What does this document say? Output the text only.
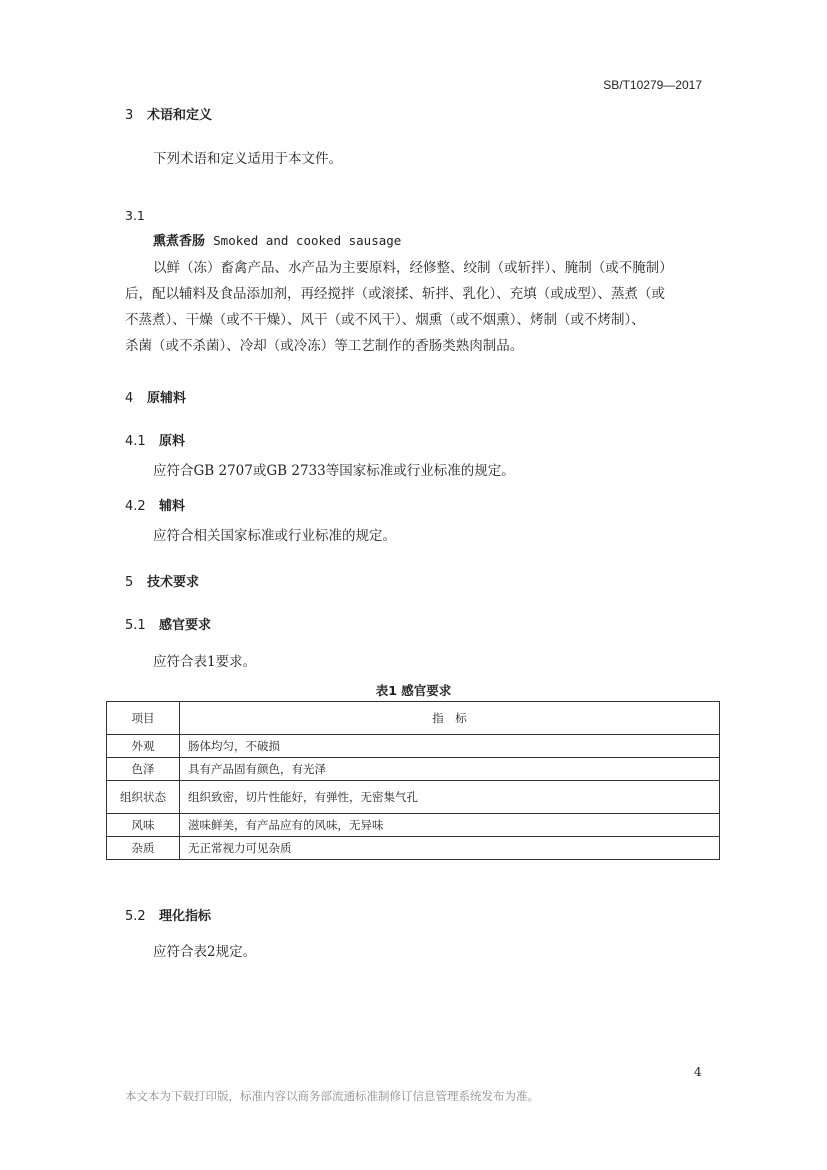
SB/T10279—2017
3 术语和定义
下列术语和定义适用于本文件。
3.1
熏煮香肠 Smoked and cooked sausage
以鲜（冻）畜禽产品、水产品为主要原料，经修整、绞制（或斩拌）、腌制（或不腌制）
后，配以辅料及食品添加剂，再经搅拌（或滚揉、斩拌、乳化）、充填（或成型）、蒸煮（或
不蒸煮）、干燥（或不干燥）、风干（或不风干）、烟熏（或不烟熏）、烤制（或不烤制）、
杀菌（或不杀菌）、冷却（或冷冻）等工艺制作的香肠类熟肉制品。
4 原辅料
4.1 原料
应符合GB 2707或GB 2733等国家标准或行业标准的规定。
4.2 辅料
应符合相关国家标准或行业标准的规定。
5 技术要求
5.1 感官要求
应符合表1要求。
表1 感官要求
项目	指　标
外观	肠体均匀，不破损
色泽	具有产品固有颜色，有光泽
组织状态	组织致密，切片性能好，有弹性，无密集气孔
风味	滋味鲜美，有产品应有的风味，无异味
杂质	无正常视力可见杂质
5.2 理化指标
应符合表2规定。
4
本文本为下载打印版，标准内容以商务部流通标准制修订信息管理系统发布为准。
